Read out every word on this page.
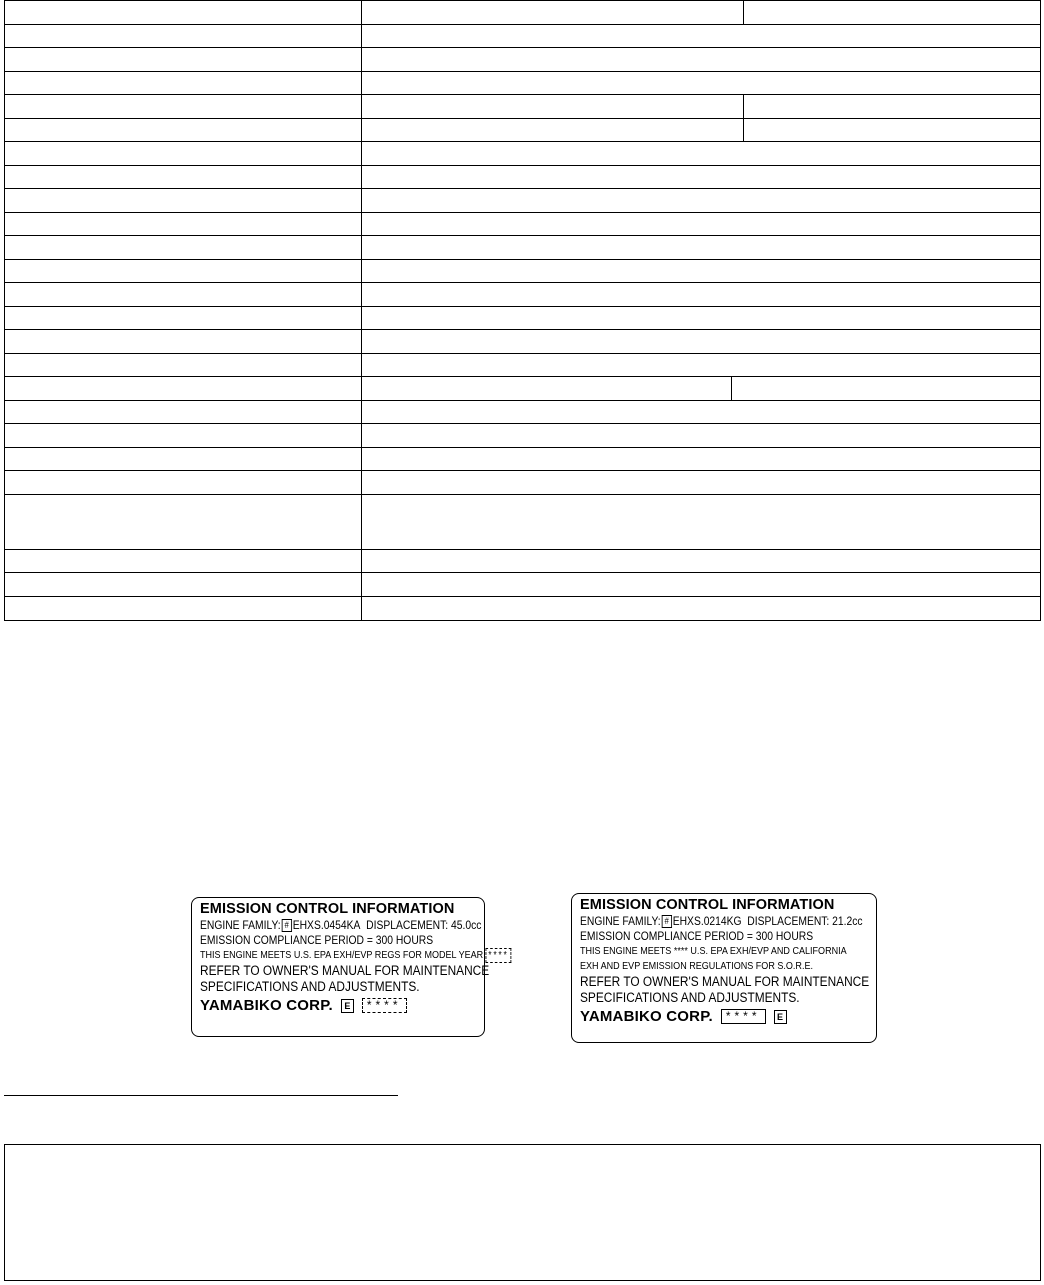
EMISSION CONTROL INFORMATION
ENGINE FAMILY: # EHXS.0454KA DISPLACEMENT: 45.0cc
EMISSION COMPLIANCE PERIOD = 300 HOURS
THIS ENGINE MEETS U.S. EPA EXH/EVP REGS FOR MODEL YEAR ****
REFER TO OWNER'S MANUAL FOR MAINTENANCE
SPECIFICATIONS AND ADJUSTMENTS.
YAMABIKO CORP.	E	****
EMISSION CONTROL INFORMATION
ENGINE FAMILY: # EHXS.0214KG DISPLACEMENT: 21.2cc
EMISSION COMPLIANCE PERIOD = 300 HOURS
THIS ENGINE MEETS **** U.S. EPA EXH/EVP AND CALIFORNIA
EXH AND EVP EMISSION REGULATIONS FOR S.O.R.E.
REFER TO OWNER'S MANUAL FOR MAINTENANCE
SPECIFICATIONS AND ADJUSTMENTS.
YAMABIKO CORP.	****	E
